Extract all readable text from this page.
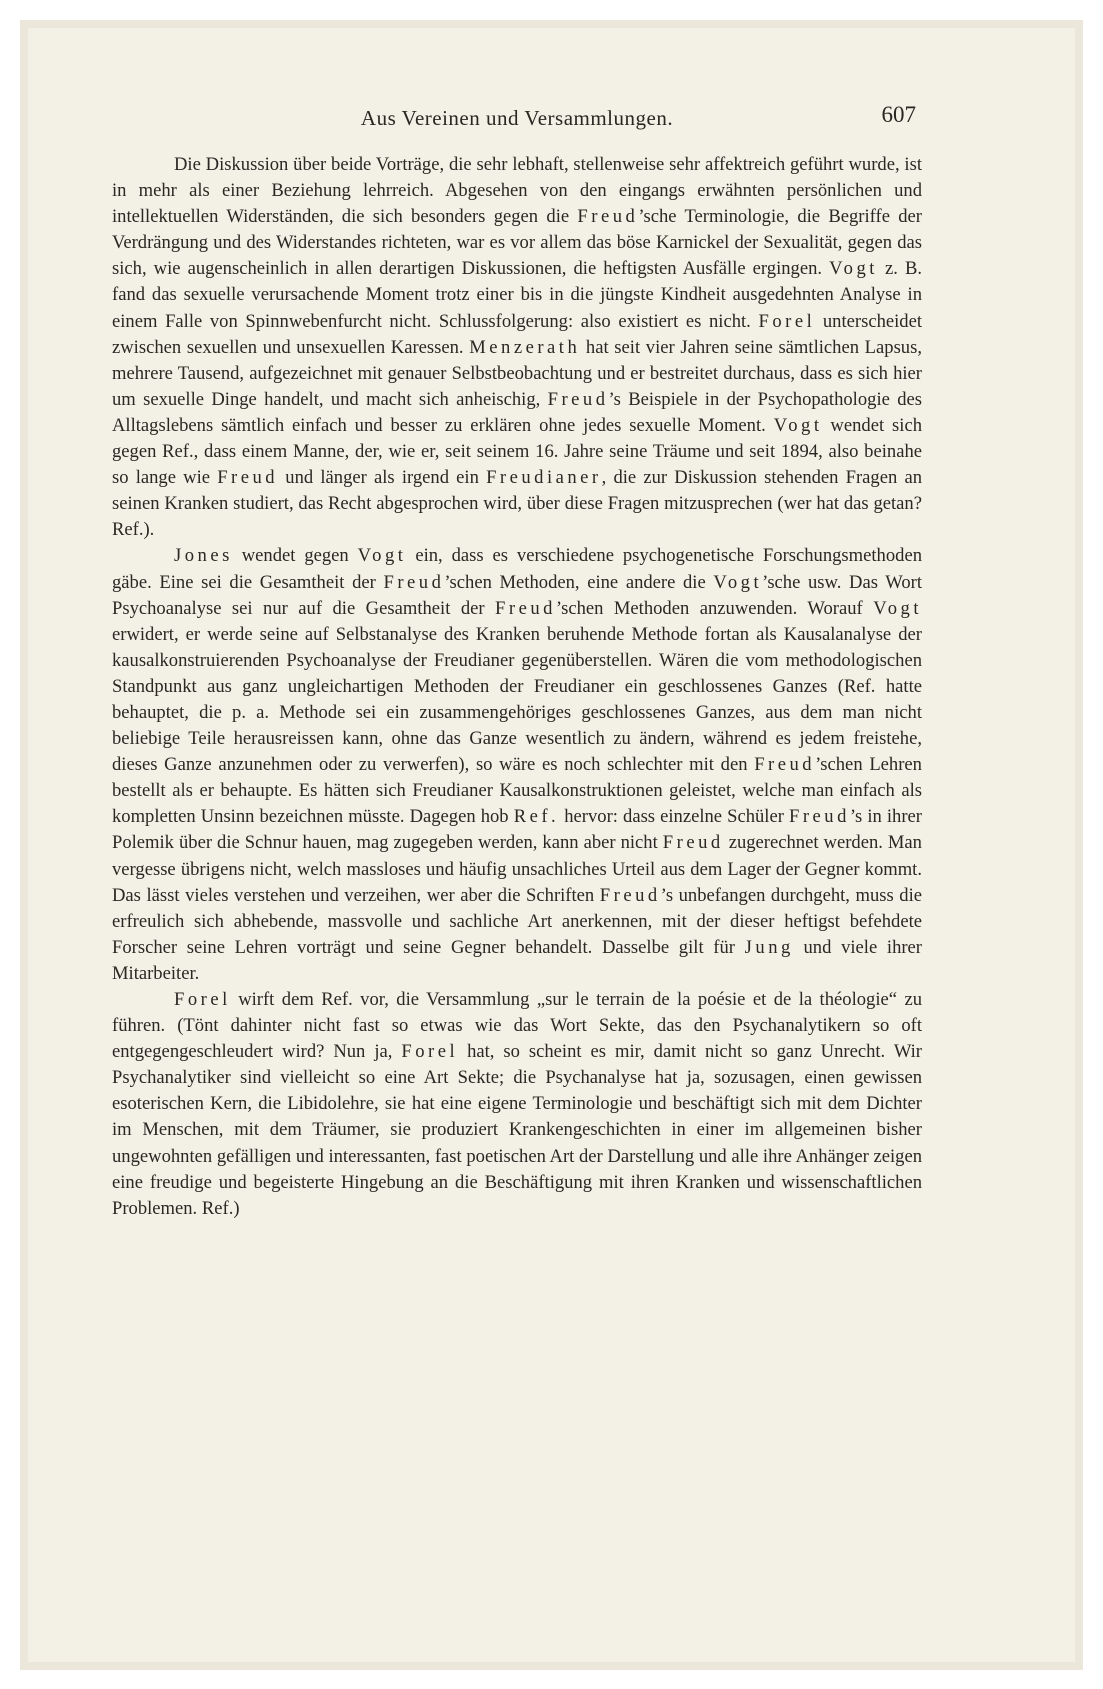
Aus Vereinen und Versammlungen.	607

Die Diskussion über beide Vorträge, die sehr lebhaft, stellenweise sehr affektreich geführt wurde, ist in mehr als einer Beziehung lehrreich. Abgesehen von den eingangs erwähnten persönlichen und intellektuellen Widerständen, die sich besonders gegen die Freud’sche Terminologie, die Begriffe der Verdrängung und des Widerstandes richteten, war es vor allem das böse Karnickel der Sexualität, gegen das sich, wie augenscheinlich in allen derartigen Diskussionen, die heftigsten Ausfälle ergingen. Vogt z. B. fand das sexuelle verursachende Moment trotz einer bis in die jüngste Kindheit ausgedehnten Analyse in einem Falle von Spinnwebenfurcht nicht. Schlussfolgerung: also existiert es nicht. Forel unterscheidet zwischen sexuellen und unsexuellen Karessen. Menzerath hat seit vier Jahren seine sämtlichen Lapsus, mehrere Tausend, aufgezeichnet mit genauer Selbstbeobachtung und er bestreitet durchaus, dass es sich hier um sexuelle Dinge handelt, und macht sich anheischig, Freud’s Beispiele in der Psychopathologie des Alltagslebens sämtlich einfach und besser zu erklären ohne jedes sexuelle Moment. Vogt wendet sich gegen Ref., dass einem Manne, der, wie er, seit seinem 16. Jahre seine Träume und seit 1894, also beinahe so lange wie Freud und länger als irgend ein Freudianer, die zur Diskussion stehenden Fragen an seinen Kranken studiert, das Recht abgesprochen wird, über diese Fragen mitzusprechen (wer hat das getan? Ref.).

Jones wendet gegen Vogt ein, dass es verschiedene psychogenetische Forschungsmethoden gäbe. Eine sei die Gesamtheit der Freud’schen Methoden, eine andere die Vogt’sche usw. Das Wort Psychoanalyse sei nur auf die Gesamtheit der Freud’schen Methoden anzuwenden. Worauf Vogt erwidert, er werde seine auf Selbstanalyse des Kranken beruhende Methode fortan als Kausalanalyse der kausalkonstruierenden Psychoanalyse der Freudianer gegenüberstellen. Wären die vom methodologischen Standpunkt aus ganz ungleichartigen Methoden der Freudianer ein geschlossenes Ganzes (Ref. hatte behauptet, die p. a. Methode sei ein zusammengehöriges geschlossenes Ganzes, aus dem man nicht beliebige Teile herausreissen kann, ohne das Ganze wesentlich zu ändern, während es jedem freistehe, dieses Ganze anzunehmen oder zu verwerfen), so wäre es noch schlechter mit den Freud’schen Lehren bestellt als er behaupte. Es hätten sich Freudianer Kausalkonstruktionen geleistet, welche man einfach als kompletten Unsinn bezeichnen müsste. Dagegen hob Ref. hervor: dass einzelne Schüler Freud’s in ihrer Polemik über die Schnur hauen, mag zugegeben werden, kann aber nicht Freud zugerechnet werden. Man vergesse übrigens nicht, welch massloses und häufig unsachliches Urteil aus dem Lager der Gegner kommt. Das lässt vieles verstehen und verzeihen, wer aber die Schriften Freud’s unbefangen durchgeht, muss die erfreulich sich abhebende, massvolle und sachliche Art anerkennen, mit der dieser heftigst befehdete Forscher seine Lehren vorträgt und seine Gegner behandelt. Dasselbe gilt für Jung und viele ihrer Mitarbeiter.

Forel wirft dem Ref. vor, die Versammlung „sur le terrain de la poésie et de la théologie“ zu führen. (Tönt dahinter nicht fast so etwas wie das Wort Sekte, das den Psychanalytikern so oft entgegengeschleudert wird? Nun ja, Forel hat, so scheint es mir, damit nicht so ganz Unrecht. Wir Psychanalytiker sind vielleicht so eine Art Sekte; die Psychanalyse hat ja, sozusagen, einen gewissen esoterischen Kern, die Libidolehre, sie hat eine eigene Terminologie und beschäftigt sich mit dem Dichter im Menschen, mit dem Träumer, sie produziert Krankengeschichten in einer im allgemeinen bisher ungewohnten gefälligen und interessanten, fast poetischen Art der Darstellung und alle ihre Anhänger zeigen eine freudige und begeisterte Hingebung an die Beschäftigung mit ihren Kranken und wissenschaftlichen Problemen. Ref.)
